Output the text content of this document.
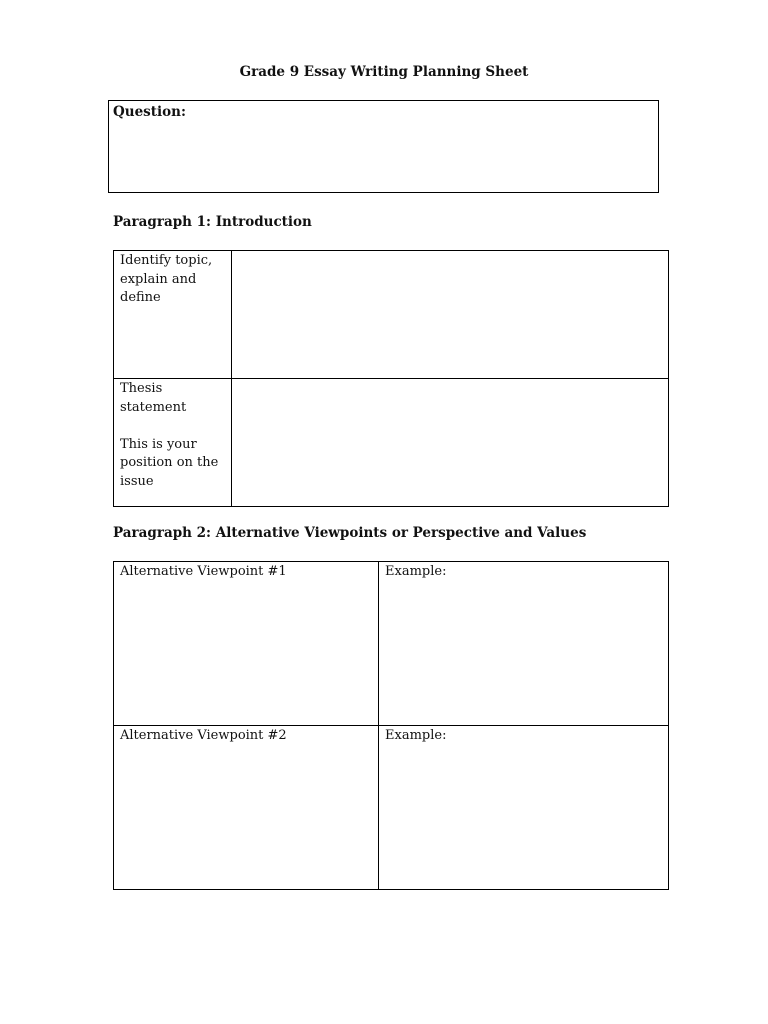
Grade 9 Essay Writing Planning Sheet
Question:
Paragraph 1: Introduction
Identify topic,
explain and
define	

Thesis statement
This is your
position on the
issue	

Paragraph 2: Alternative Viewpoints or Perspective and Values
Alternative Viewpoint #1	Example:
Alternative Viewpoint #2	Example:
